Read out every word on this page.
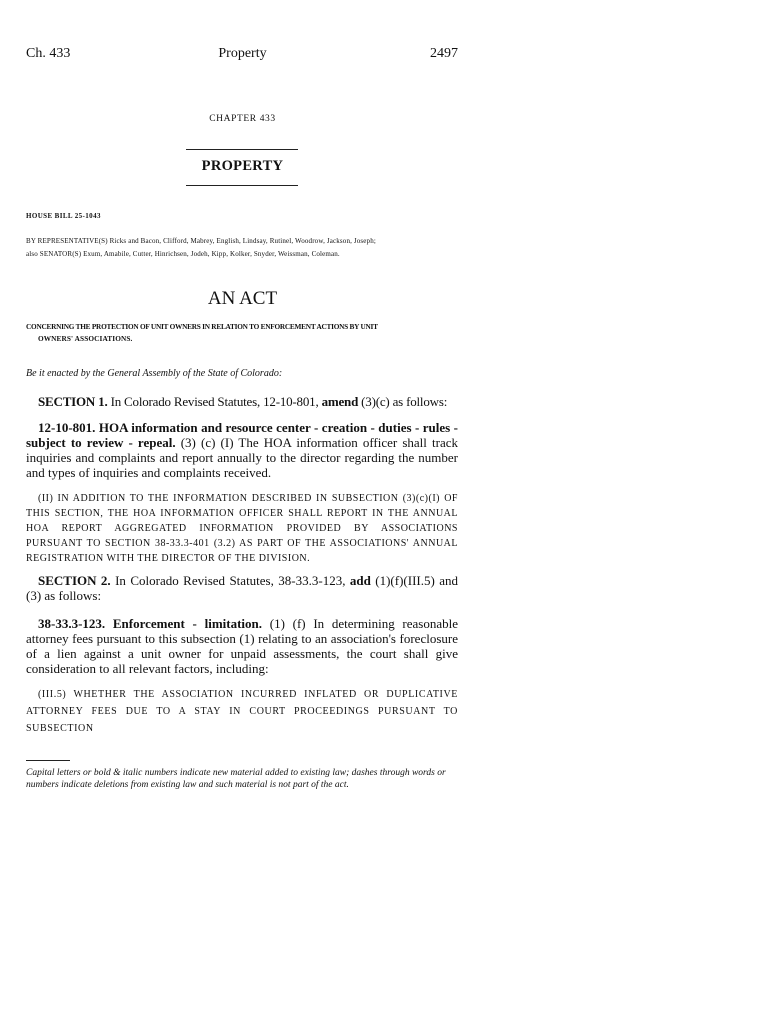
Ch. 433	Property	2497
CHAPTER 433
PROPERTY
HOUSE BILL 25-1043
BY REPRESENTATIVE(S) Ricks and Bacon, Clifford, Mabrey, English, Lindsay, Rutinel, Woodrow, Jackson, Joseph;
also SENATOR(S) Exum, Amabile, Cutter, Hinrichsen, Jodeh, Kipp, Kolker, Snyder, Weissman, Coleman.
AN ACT
CONCERNING THE PROTECTION OF UNIT OWNERS IN RELATION TO ENFORCEMENT ACTIONS BY UNIT
OWNERS' ASSOCIATIONS.
Be it enacted by the General Assembly of the State of Colorado:
SECTION 1. In Colorado Revised Statutes, 12-10-801, amend (3)(c) as follows:
12-10-801. HOA information and resource center - creation - duties - rules - subject to review - repeal. (3) (c) (I) The HOA information officer shall track inquiries and complaints and report annually to the director regarding the number and types of inquiries and complaints received.
(II) IN ADDITION TO THE INFORMATION DESCRIBED IN SUBSECTION (3)(c)(I) OF THIS SECTION, THE HOA INFORMATION OFFICER SHALL REPORT IN THE ANNUAL HOA REPORT AGGREGATED INFORMATION PROVIDED BY ASSOCIATIONS PURSUANT TO SECTION 38-33.3-401 (3.2) AS PART OF THE ASSOCIATIONS' ANNUAL REGISTRATION WITH THE DIRECTOR OF THE DIVISION.
SECTION 2. In Colorado Revised Statutes, 38-33.3-123, add (1)(f)(III.5) and (3) as follows:
38-33.3-123. Enforcement - limitation. (1) (f) In determining reasonable attorney fees pursuant to this subsection (1) relating to an association's foreclosure of a lien against a unit owner for unpaid assessments, the court shall give consideration to all relevant factors, including:
(III.5) WHETHER THE ASSOCIATION INCURRED INFLATED OR DUPLICATIVE ATTORNEY FEES DUE TO A STAY IN COURT PROCEEDINGS PURSUANT TO SUBSECTION
Capital letters or bold & italic numbers indicate new material added to existing law; dashes through words or numbers indicate deletions from existing law and such material is not part of the act.
